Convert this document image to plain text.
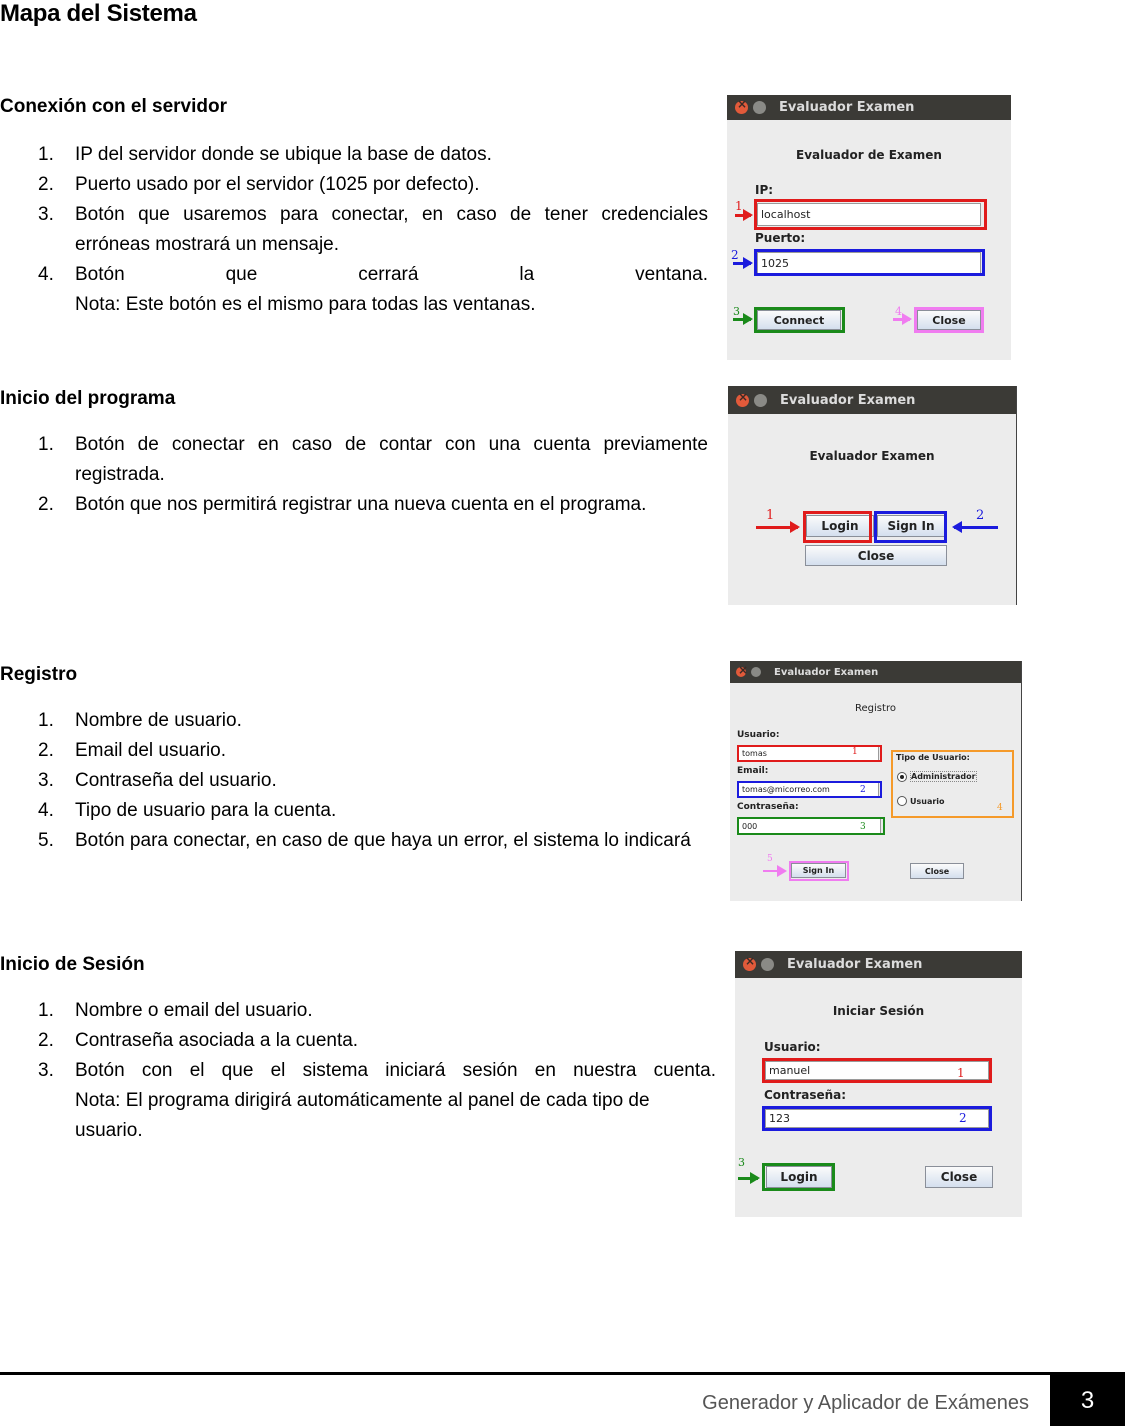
Mapa del Sistema
Conexión con el servidor
1. IP del servidor donde se ubique la base de datos.
2. Puerto usado por el servidor (1025 por defecto).
3. Botón que usaremos para conectar, en caso de tener credenciales erróneas mostrará un mensaje.
4. Botón que cerrará la ventana.
Nota: Este botón es el mismo para todas las ventanas.
×
Evaluador Examen
Evaluador de Examen
IP:
localhost
1
Puerto:
1025
2
Connect
3
Close
4
Inicio del programa
1. Botón de conectar en caso de contar con una cuenta previamente registrada.
2. Botón que nos permitirá registrar una nueva cuenta en el programa.
×
Evaluador Examen
Evaluador Examen
Login	Sign In
Close
1	2
Registro
1. Nombre de usuario.
2. Email del usuario.
3. Contraseña del usuario.
4. Tipo de usuario para la cuenta.
5. Botón para conectar, en caso de que haya un error, el sistema lo indicará
×
Evaluador Examen
Registro
Usuario:
tomas	1
Email:
tomas@micorreo.com	2
Contraseña:
000	3
Tipo de Usuario:
Administrador
Usuario
4
Sign In
5
Close
Inicio de Sesión
1. Nombre o email del usuario.
2. Contraseña asociada a la cuenta.
3. Botón con el que el sistema iniciará sesión en nuestra cuenta.
Nota: El programa dirigirá automáticamente al panel de cada tipo de usuario.
×
Evaluador Examen
Iniciar Sesión
Usuario:
manuel	1
Contraseña:
123	2
Login
3
Close
Generador y Aplicador de Exámenes	3
